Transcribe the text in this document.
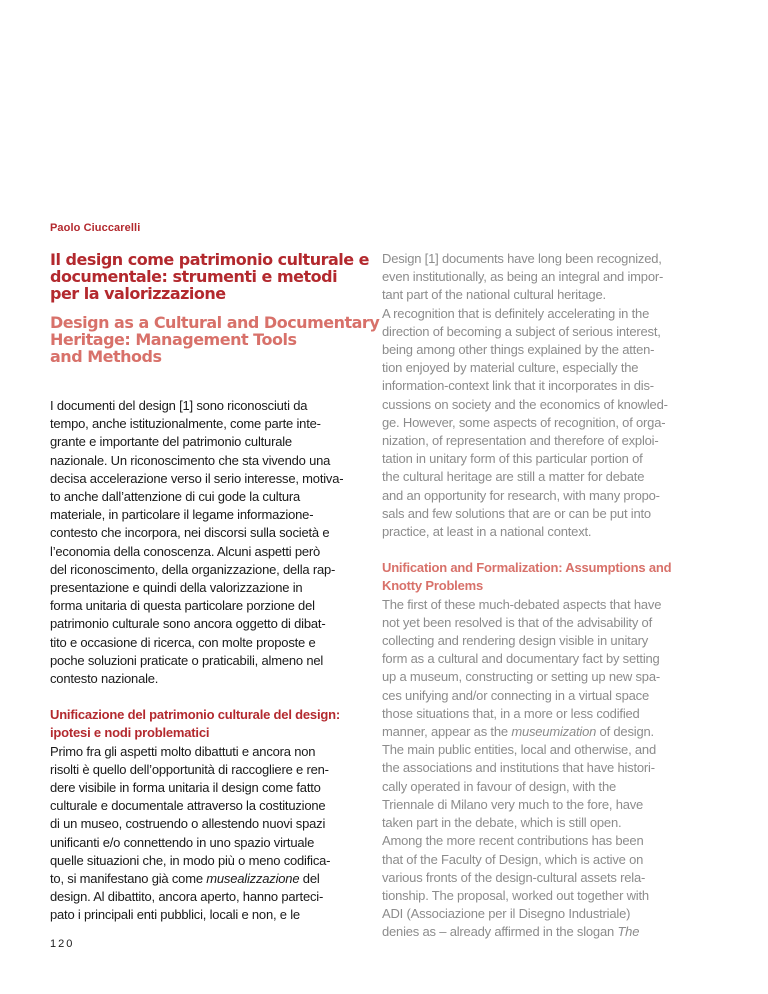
Paolo Ciuccarelli
Il design come patrimonio culturale e
documentale: strumenti e metodi
per la valorizzazione
Design as a Cultural and Documentary
Heritage: Management Tools
and Methods
I documenti del design [1] sono riconosciuti da
tempo, anche istituzionalmente, come parte inte-
grante e importante del patrimonio culturale
nazionale. Un riconoscimento che sta vivendo una
decisa accelerazione verso il serio interesse, motiva-
to anche dall’attenzione di cui gode la cultura
materiale, in particolare il legame informazione-
contesto che incorpora, nei discorsi sulla società e
l’economia della conoscenza. Alcuni aspetti però
del riconoscimento, della organizzazione, della rap-
presentazione e quindi della valorizzazione in
forma unitaria di questa particolare porzione del
patrimonio culturale sono ancora oggetto di dibat-
tito e occasione di ricerca, con molte proposte e
poche soluzioni praticate o praticabili, almeno nel
contesto nazionale.
Unificazione del patrimonio culturale del design:
ipotesi e nodi problematici
Primo fra gli aspetti molto dibattuti e ancora non
risolti è quello dell’opportunità di raccogliere e ren-
dere visibile in forma unitaria il design come fatto
culturale e documentale attraverso la costituzione
di un museo, costruendo o allestendo nuovi spazi
unificanti e/o connettendo in uno spazio virtuale
quelle situazioni che, in modo più o meno codifica-
to, si manifestano già come musealizzazione del
design. Al dibattito, ancora aperto, hanno parteci-
pato i principali enti pubblici, locali e non, e le
Design [1] documents have long been recognized,
even institutionally, as being an integral and impor-
tant part of the national cultural heritage.
A recognition that is definitely accelerating in the
direction of becoming a subject of serious interest,
being among other things explained by the atten-
tion enjoyed by material culture, especially the
information-context link that it incorporates in dis-
cussions on society and the economics of knowled-
ge. However, some aspects of recognition, of orga-
nization, of representation and therefore of exploi-
tation in unitary form of this particular portion of
the cultural heritage are still a matter for debate
and an opportunity for research, with many propo-
sals and few solutions that are or can be put into
practice, at least in a national context.
Unification and Formalization: Assumptions and
Knotty Problems
The first of these much-debated aspects that have
not yet been resolved is that of the advisability of
collecting and rendering design visible in unitary
form as a cultural and documentary fact by setting
up a museum, constructing or setting up new spa-
ces unifying and/or connecting in a virtual space
those situations that, in a more or less codified
manner, appear as the museumization of design.
The main public entities, local and otherwise, and
the associations and institutions that have histori-
cally operated in favour of design, with the
Triennale di Milano very much to the fore, have
taken part in the debate, which is still open.
Among the more recent contributions has been
that of the Faculty of Design, which is active on
various fronts of the design-cultural assets rela-
tionship. The proposal, worked out together with
ADI (Associazione per il Disegno Industriale)
denies as – already affirmed in the slogan The
120
